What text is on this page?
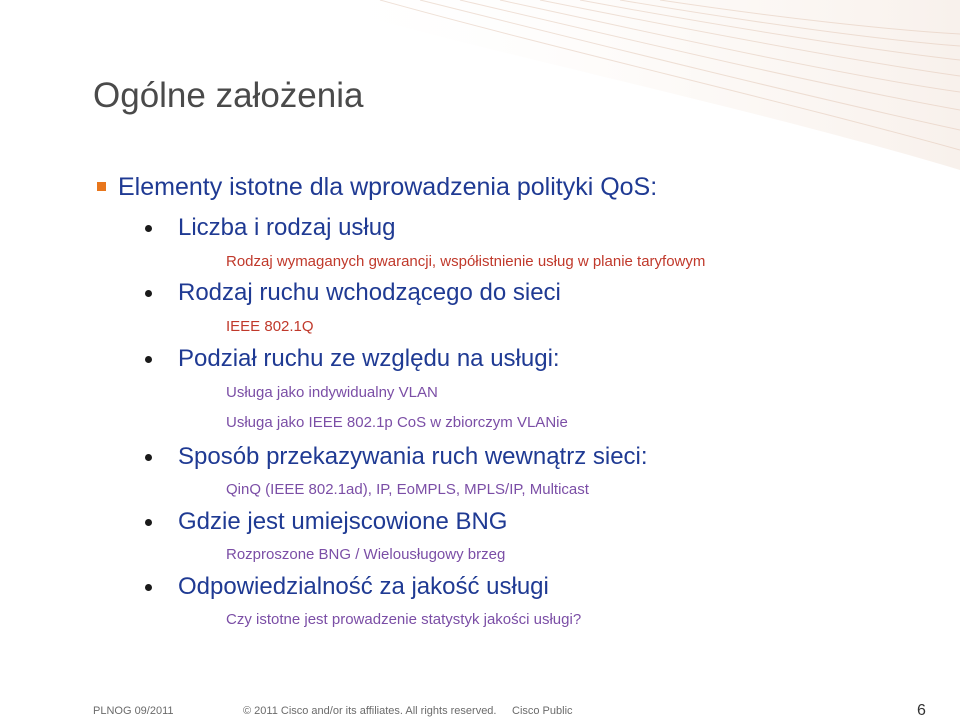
Ogólne założenia
Elementy istotne dla wprowadzenia polityki QoS:
Liczba i rodzaj usług
Rodzaj wymaganych gwarancji, współistnienie usług w planie taryfowym
Rodzaj ruchu wchodzącego do sieci
IEEE 802.1Q
Podział ruchu ze względu na usługi:
Usługa jako indywidualny VLAN
Usługa jako IEEE 802.1p CoS w zbiorczym VLANie
Sposób przekazywania ruch wewnątrz sieci:
QinQ (IEEE 802.1ad), IP, EoMPLS, MPLS/IP, Multicast
Gdzie jest umiejscowione BNG
Rozproszone BNG / Wielousługowy brzeg
Odpowiedzialność za jakość usługi
Czy istotne jest prowadzenie statystyk jakości usługi?
PLNOG 09/2011	© 2011 Cisco and/or its affiliates. All rights reserved. Cisco Public	6
